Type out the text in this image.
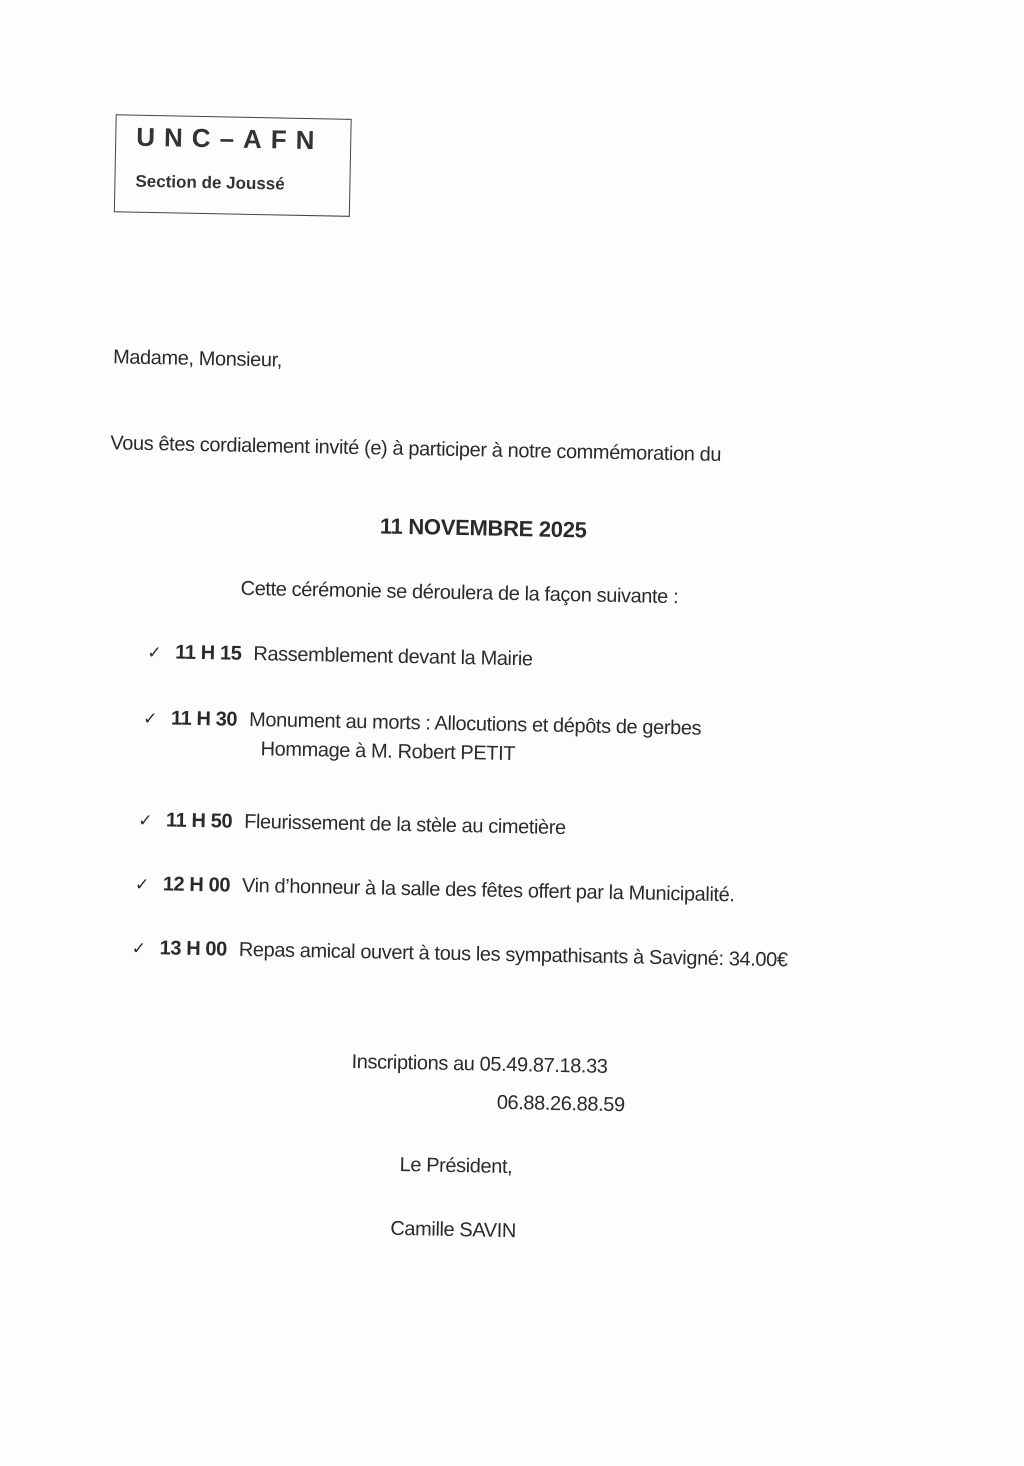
UNC–AFN
Section de Joussé
Madame, Monsieur,
Vous êtes cordialement invité (e) à participer à notre commémoration du
11 NOVEMBRE 2025
Cette cérémonie se déroulera de la façon suivante :
✓ 11 H 15 Rassemblement devant la Mairie
✓ 11 H 30 Monument au morts : Allocutions et dépôts de gerbes
Hommage à M. Robert PETIT
✓ 11 H 50 Fleurissement de la stèle au cimetière
✓ 12 H 00 Vin d’honneur à la salle des fêtes offert par la Municipalité.
✓ 13 H 00 Repas amical ouvert à tous les sympathisants à Savigné: 34.00€
Inscriptions au 05.49.87.18.33
06.88.26.88.59
Le Président,
Camille SAVIN
